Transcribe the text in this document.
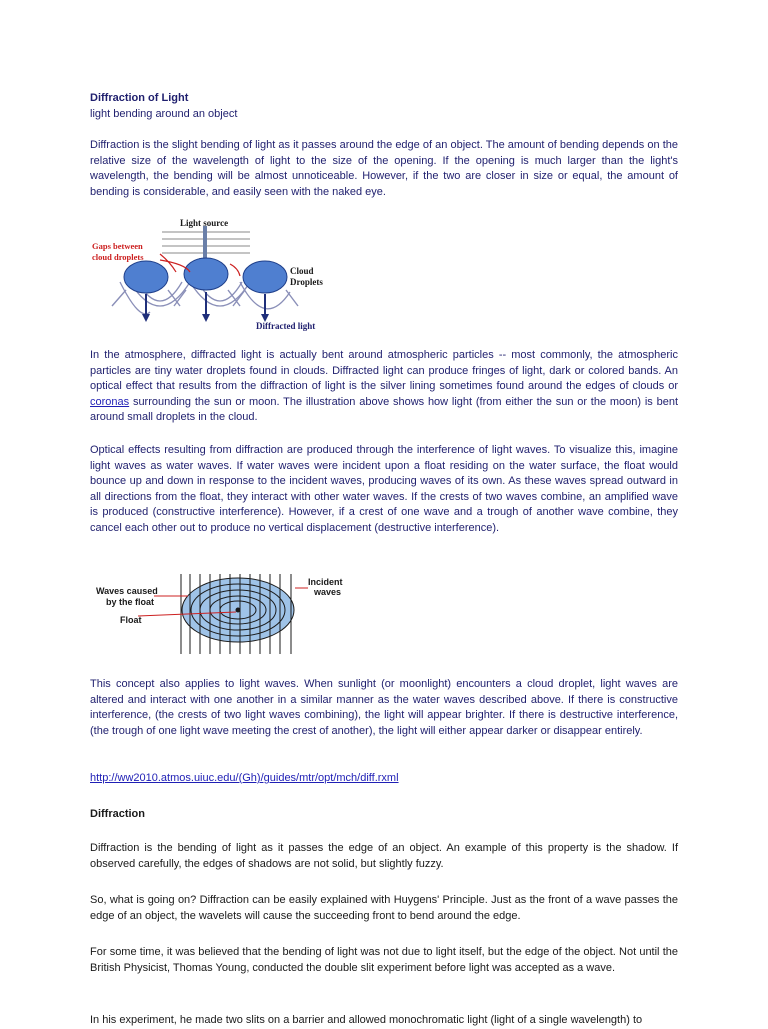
Diffraction of Light
light bending around an object

Diffraction is the slight bending of light as it passes around the edge of an object. The amount of bending depends on the relative size of the wavelength of light to the size of the opening. If the opening is much larger than the light's wavelength, the bending will be almost unnoticeable. However, if the two are closer in size or equal, the amount of bending is considerable, and easily seen with the naked eye.

Light source
Gaps between
cloud droplets
Cloud
Droplets
Diffracted light

In the atmosphere, diffracted light is actually bent around atmospheric particles -- most commonly, the atmospheric particles are tiny water droplets found in clouds. Diffracted light can produce fringes of light, dark or colored bands. An optical effect that results from the diffraction of light is the silver lining sometimes found around the edges of clouds or coronas surrounding the sun or moon. The illustration above shows how light (from either the sun or the moon) is bent around small droplets in the cloud.

Optical effects resulting from diffraction are produced through the interference of light waves. To visualize this, imagine light waves as water waves. If water waves were incident upon a float residing on the water surface, the float would bounce up and down in response to the incident waves, producing waves of its own. As these waves spread outward in all directions from the float, they interact with other water waves. If the crests of two waves combine, an amplified wave is produced (constructive interference). However, if a crest of one wave and a trough of another wave combine, they cancel each other out to produce no vertical displacement (destructive interference).

Waves caused
by the float
Float
Incident
waves

This concept also applies to light waves. When sunlight (or moonlight) encounters a cloud droplet, light waves are altered and interact with one another in a similar manner as the water waves described above. If there is constructive interference, (the crests of two light waves combining), the light will appear brighter. If there is destructive interference, (the trough of one light wave meeting the crest of another), the light will either appear darker or disappear entirely.

http://ww2010.atmos.uiuc.edu/(Gh)/guides/mtr/opt/mch/diff.rxml
Diffraction

Diffraction is the bending of light as it passes the edge of an object. An example of this property is the shadow. If observed carefully, the edges of shadows are not solid, but slightly fuzzy.

So, what is going on? Diffraction can be easily explained with Huygens' Principle. Just as the front of a wave passes the edge of an object, the wavelets will cause the succeeding front to bend around the edge.

For some time, it was believed that the bending of light was not due to light itself, but the edge of the object. Not until the British Physicist, Thomas Young, conducted the double slit experiment before light was accepted as a wave.

In his experiment, he made two slits on a barrier and allowed monochromatic light (light of a single wavelength) to
